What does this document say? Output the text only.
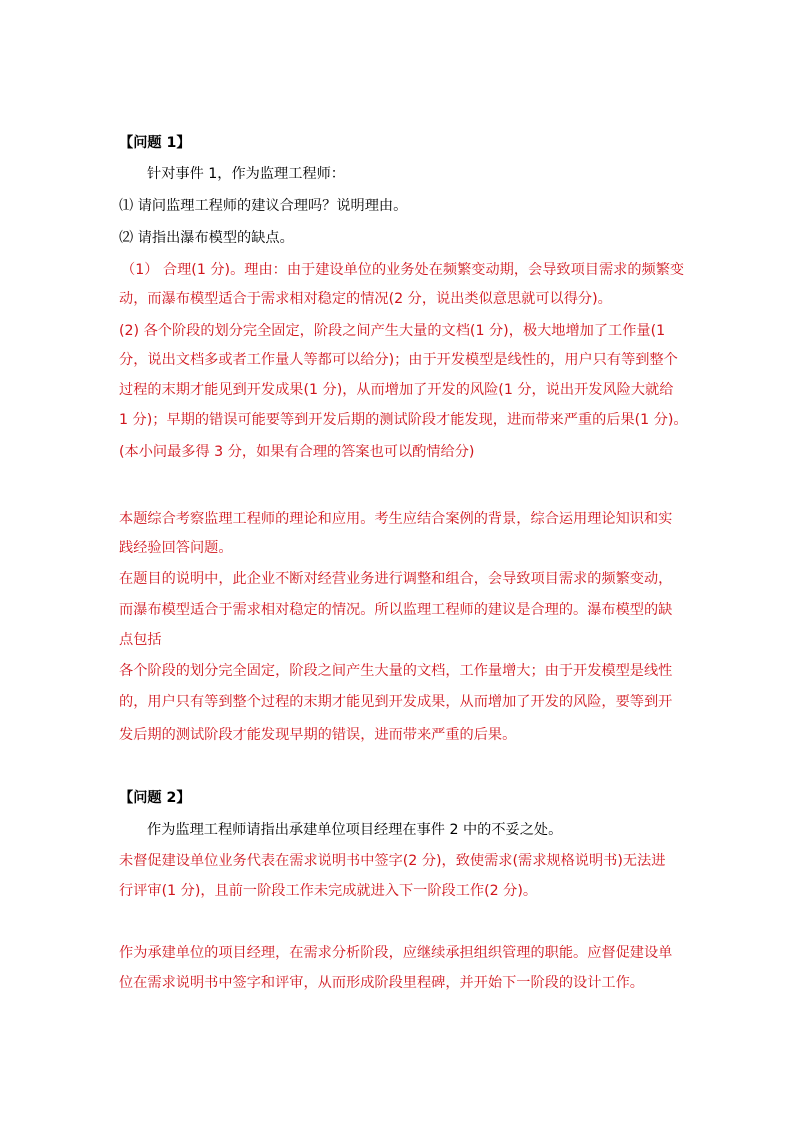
【问题 1】
针对事件 1，作为监理工程师：
⑴ 请问监理工程师的建议合理吗？说明理由。
⑵ 请指出瀑布模型的缺点。
（1） 合理(1 分)。理由：由于建设单位的业务处在频繁变动期，会导致项目需求的频繁变
动，而瀑布模型适合于需求相对稳定的情况(2 分，说出类似意思就可以得分)。
(2) 各个阶段的划分完全固定，阶段之间产生大量的文档(1 分)，极大地增加了工作量(1
分，说出文档多或者工作量人等都可以给分)；由于开发模型是线性的，用户只有等到整个
过程的末期才能见到开发成果(1 分)，从而增加了开发的风险(1 分，说出开发风险大就给
1 分)；早期的错误可能要等到开发后期的测试阶段才能发现，进而带来严重的后果(1 分)。
(本小问最多得 3 分，如果有合理的答案也可以酌情给分)
本题综合考察监理工程师的理论和应用。考生应结合案例的背景，综合运用理论知识和实
践经验回答问题。
在题目的说明中，此企业不断对经营业务进行调整和组合，会导致项目需求的频繁变动，
而瀑布模型适合于需求相对稳定的情况。所以监理工程师的建议是合理的。瀑布模型的缺
点包括
各个阶段的划分完全固定，阶段之间产生大量的文档，工作量增大；由于开发模型是线性
的，用户只有等到整个过程的末期才能见到开发成果，从而增加了开发的风险，要等到开
发后期的测试阶段才能发现早期的错误，进而带来严重的后果。
【问题 2】
作为监理工程师请指出承建单位项目经理在事件 2 中的不妥之处。
未督促建设单位业务代表在需求说明书中签字(2 分)，致使需求(需求规格说明书)无法进
行评审(1 分)，且前一阶段工作未完成就进入下一阶段工作(2 分)。
作为承建单位的项目经理，在需求分析阶段，应继续承担组织管理的职能。应督促建设单
位在需求说明书中签字和评审，从而形成阶段里程碑，并开始下一阶段的设计工作。
